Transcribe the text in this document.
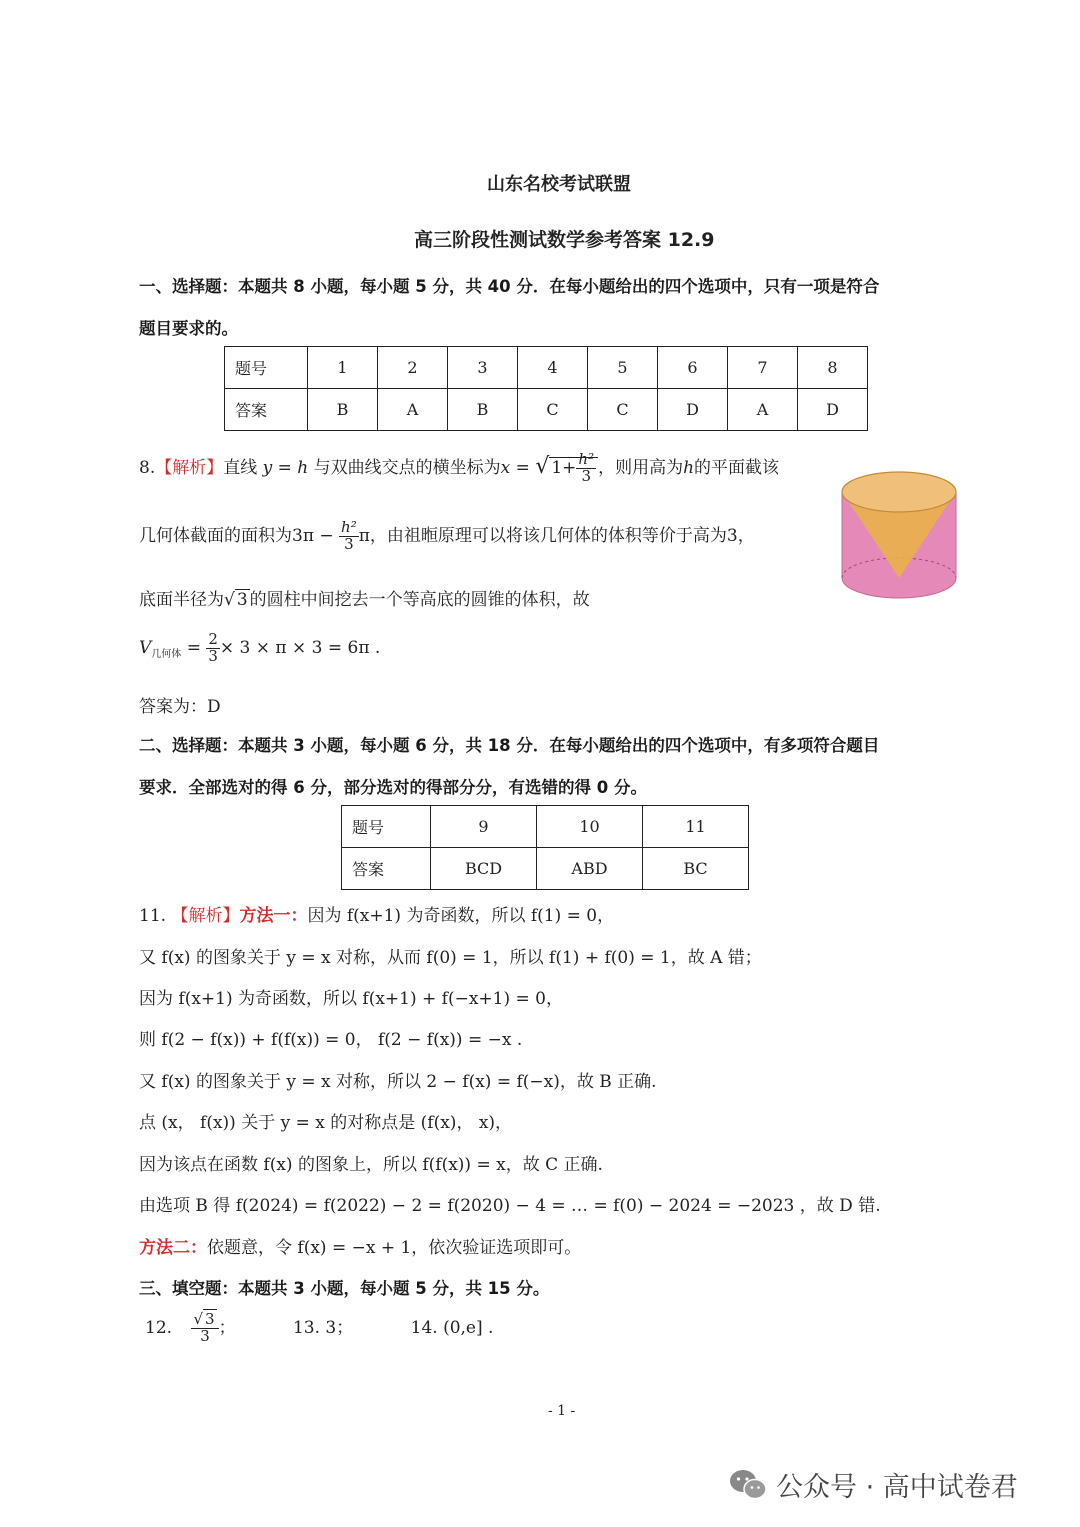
山东名校考试联盟
高三阶段性测试数学参考答案 12.9
一、选择题：本题共 8 小题，每小题 5 分，共 40 分．在每小题给出的四个选项中，只有一项是符合
题目要求的。
题号	1	2	3	4	5	6	7	8
答案	B	A	B	C	C	D	A	D
8.【解析】直线 y = h 与双曲线交点的横坐标为x = √ $1+ \frac{\text{h²}}{3}$ ，则用高为h的平面截该
几何体截面的面积为$3\pi - \frac{\text{h²}}{3}$ π，由祖暅原理可以将该几何体的体积等价于高为3，
底面半径为√ 3 的圆柱中间挖去一个等高底的圆锥的体积，故
$V_{几何体} = \frac{2}{3} \times 3 \times \pi \times 3 = 6\pi$ .
答案为：D
二、选择题：本题共 3 小题，每小题 6 分，共 18 分．在每小题给出的四个选项中，有多项符合题目
要求．全部选对的得 6 分，部分选对的得部分分，有选错的得 0 分。
题号	9	10	11
答案	BCD	ABD	BC
11. 【解析】方法一：因为 f(x+1) 为奇函数，所以 f(1) = 0，
又 f(x) 的图象关于 y = x 对称，从而 f(0) = 1，所以 f(1) + f(0) = 1，故 A 错；
因为 f(x+1) 为奇函数，所以 f(x+1) + f(−x+1) = 0，
则 f(2 − f(x)) + f(f(x)) = 0， f(2 − f(x)) = −x .
又 f(x) 的图象关于 y = x 对称，所以 2 − f(x) = f(−x)，故 B 正确.
点 (x， f(x)) 关于 y = x 的对称点是 (f(x)， x)，
因为该点在函数 f(x) 的图象上，所以 f(f(x)) = x，故 C 正确.
由选项 B 得 f(2024) = f(2022) − 2 = f(2020) − 4 = … = f(0) − 2024 = −2023 ，故 D 错.
方法二：依题意，令 f(x) = −x + 1，依次验证选项即可。
三、填空题：本题共 3 小题，每小题 5 分，共 15 分。
12. $\frac{√ 3}{3}$ ；	13. 3；	14. (0,e] .
- 1 -
公众号 · 高中试卷君
